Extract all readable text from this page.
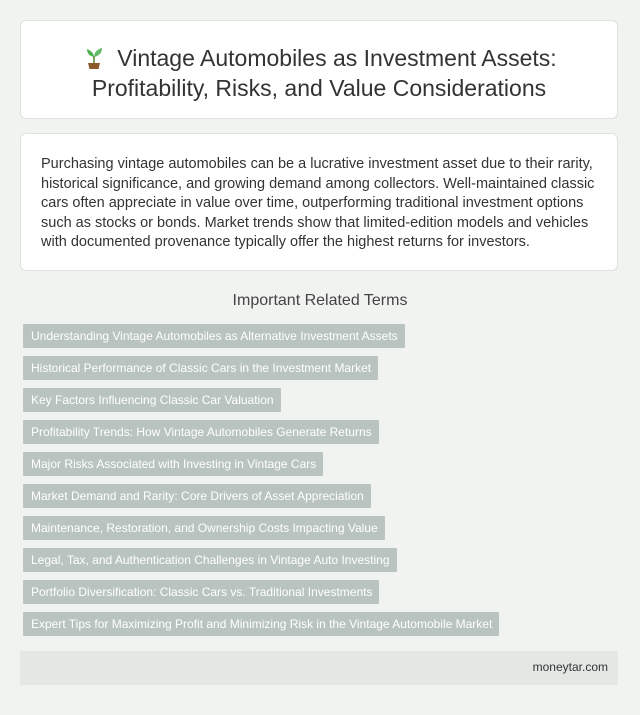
Vintage Automobiles as Investment Assets: Profitability, Risks, and Value Considerations

Purchasing vintage automobiles can be a lucrative investment asset due to their rarity, historical significance, and growing demand among collectors. Well-maintained classic cars often appreciate in value over time, outperforming traditional investment options such as stocks or bonds. Market trends show that limited-edition models and vehicles with documented provenance typically offer the highest returns for investors.

Important Related Terms
Understanding Vintage Automobiles as Alternative Investment Assets
Historical Performance of Classic Cars in the Investment Market
Key Factors Influencing Classic Car Valuation
Profitability Trends: How Vintage Automobiles Generate Returns
Major Risks Associated with Investing in Vintage Cars
Market Demand and Rarity: Core Drivers of Asset Appreciation
Maintenance, Restoration, and Ownership Costs Impacting Value
Legal, Tax, and Authentication Challenges in Vintage Auto Investing
Portfolio Diversification: Classic Cars vs. Traditional Investments
Expert Tips for Maximizing Profit and Minimizing Risk in the Vintage Automobile Market
moneytar.com
